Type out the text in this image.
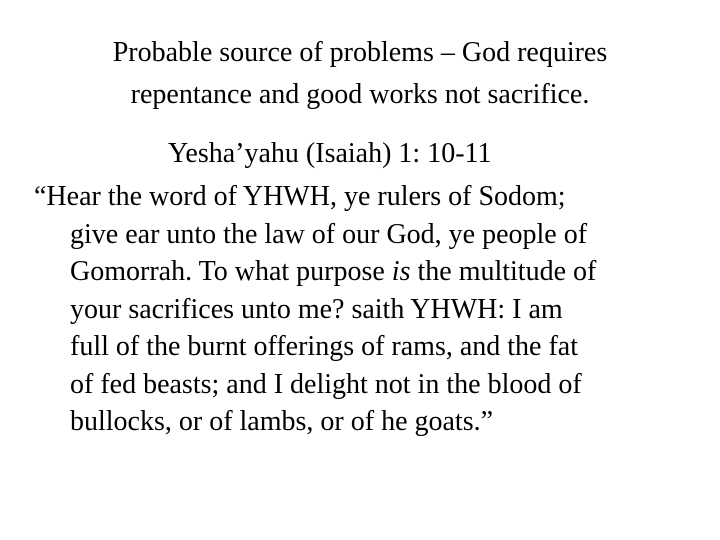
Probable source of problems – God requires
repentance and good works not sacrifice.

Yesha’yahu (Isaiah) 1: 10-11

“Hear the word of YHWH, ye rulers of Sodom;
give ear unto the law of our God, ye people of
Gomorrah. To what purpose is the multitude of
your sacrifices unto me? saith YHWH: I am
full of the burnt offerings of rams, and the fat
of fed beasts; and I delight not in the blood of
bullocks, or of lambs, or of he goats.”
